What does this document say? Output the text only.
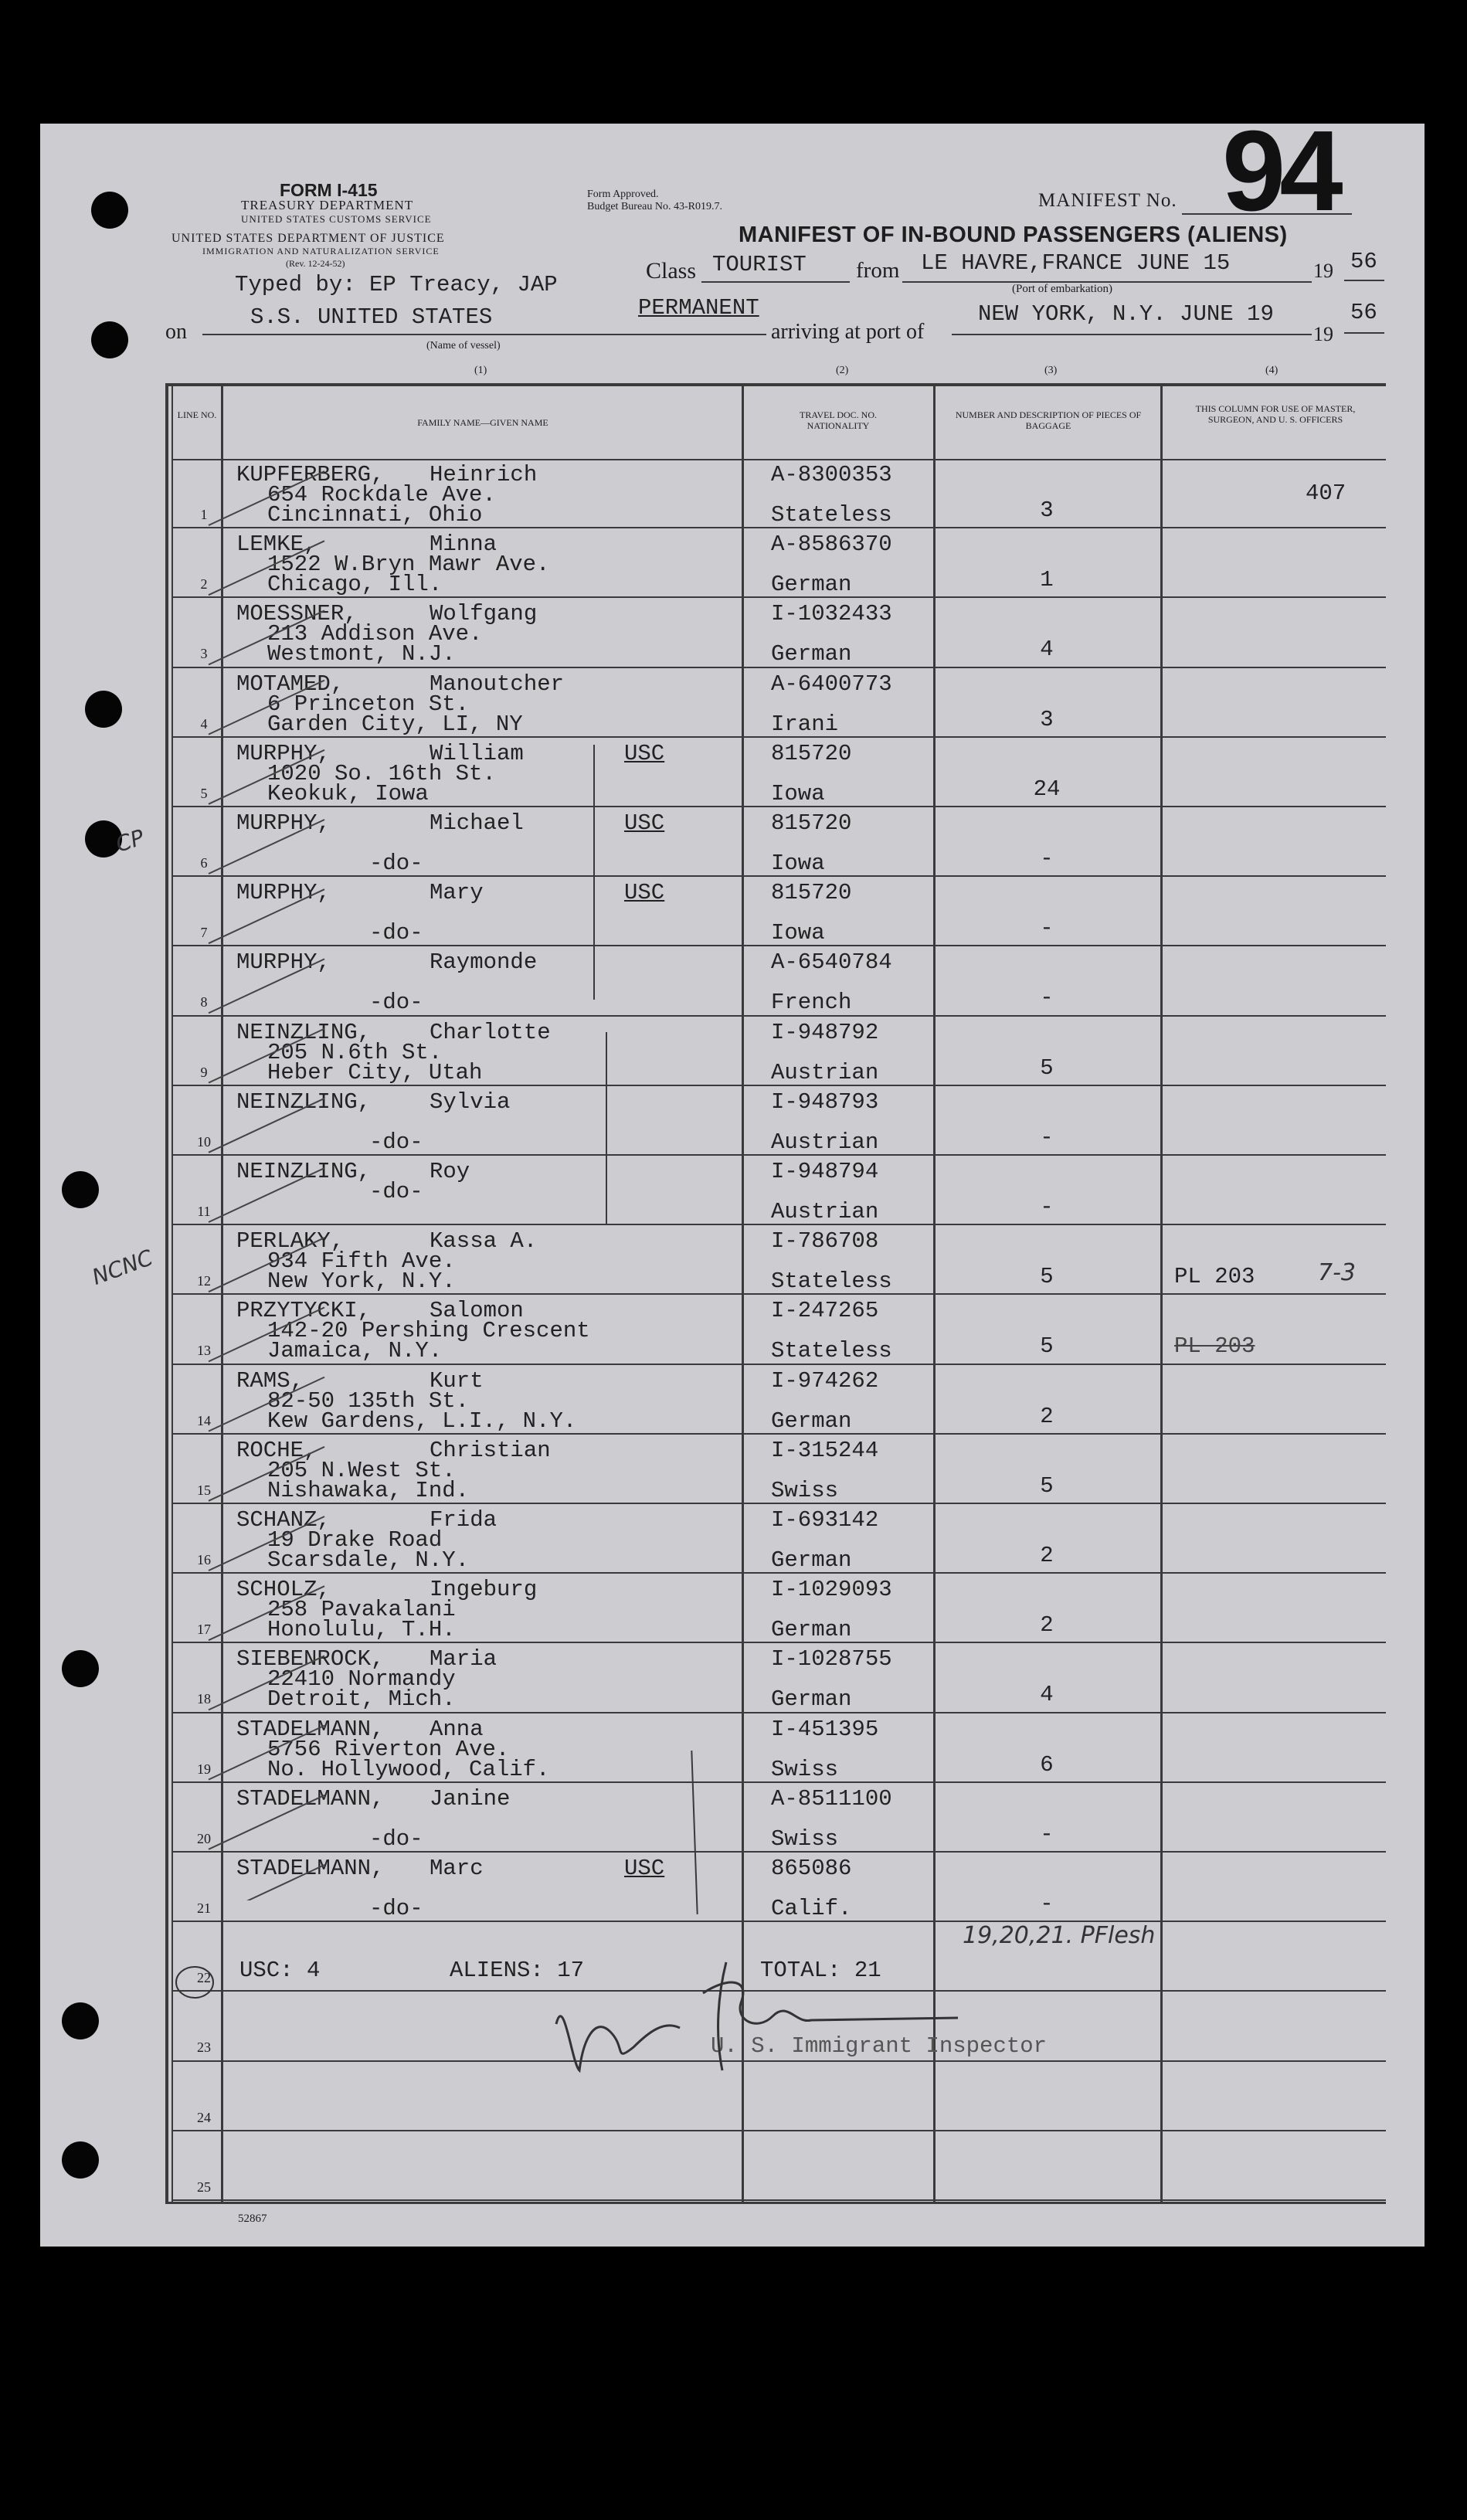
FORM I-415
TREASURY DEPARTMENT
UNITED STATES CUSTOMS SERVICE
UNITED STATES DEPARTMENT OF JUSTICE
IMMIGRATION AND NATURALIZATION SERVICE
(Rev. 12-24-52)
Form Approved.
Budget Bureau No. 43-R019.7.
MANIFEST OF IN-BOUND PASSENGERS (ALIENS)
MANIFEST No. 94
Typed by: EP Treacy, JAP
Class TOURIST from LE HAVRE,FRANCE JUNE 15	19 56
(Port of embarkation)
on
S.S. UNITED STATES
(Name of vessel)
PERMANENT
arriving at port of
NEW YORK, N.Y. JUNE 19
19
56
(1)	(2)	(3)	(4)
LINE NO.
FAMILY NAME—GIVEN NAME
TRAVEL DOC. NO. NATIONALITY
NUMBER AND DESCRIPTION OF PIECES OF BAGGAGE
THIS COLUMN FOR USE OF MASTER, SURGEON, AND U. S. OFFICERS
1
KUPFERBERG, Heinrich
654 Rockdale Ave.
Cincinnati, Ohio
A-8300353
Stateless	3
407
2
LEMKE,	Minna
1522 W.Bryn Mawr Ave.
Chicago, Ill.
A-8586370
German	1
3
MOESSNER,	Wolfgang
213 Addison Ave.
Westmont, N.J.
I-1032433
German	4
4
MOTAMED,	Manoutcher
6 Princeton St.
Garden City, LI, NY
A-6400773
Irani	3
5
MURPHY,	William
1020 So. 16th St.
Keokuk, Iowa
USC	815720
Iowa	24
6
MURPHY,	Michael
-do-
USC	815720
Iowa	-
7
MURPHY,	Mary
-do-
USC	815720
Iowa	-
8
MURPHY,	Raymonde
-do-
A-6540784
French	-
9
NEINZLING,	Charlotte
205 N.6th St.
Heber City, Utah
I-948792
Austrian	5
10
NEINZLING,	Sylvia
-do-
I-948793
Austrian	-
11
NEINZLING,	Roy
-do-
I-948794
Austrian	-
12
PERLAKY,	Kassa A.
934 Fifth Ave.
New York, N.Y.
I-786708
Stateless	5	PL 203
13
PRZYTYCKI,	Salomon
142-20 Pershing Crescent
Jamaica, N.Y.
I-247265
Stateless	5	PL 203
14
RAMS,	Kurt
82-50 135th St.
Kew Gardens, L.I., N.Y.
I-974262
German	2
15
ROCHE,	Christian
205 N.West St.
Nishawaka, Ind.
I-315244
Swiss	5
16
SCHANZ,	Frida
19 Drake Road
Scarsdale, N.Y.
I-693142
German	2
17
SCHOLZ,	Ingeburg
258 Pavakalani
Honolulu, T.H.
I-1029093
German	2
18
SIEBENROCK, Maria
22410 Normandy
Detroit, Mich.
I-1028755
German	4
19
STADELMANN, Anna
5756 Riverton Ave.
No. Hollywood, Calif.
I-451395
Swiss	6
20
STADELMANN, Janine
-do-
A-8511100
Swiss	-
21
STADELMANN, Marc
-do-
USC	865086
Calif.	-
22
23
24
25
USC: 4	ALIENS: 17	TOTAL: 21
U. S. Immigrant Inspector
19,20,21. PFlesh
7-3
CP
NCNC
52867
